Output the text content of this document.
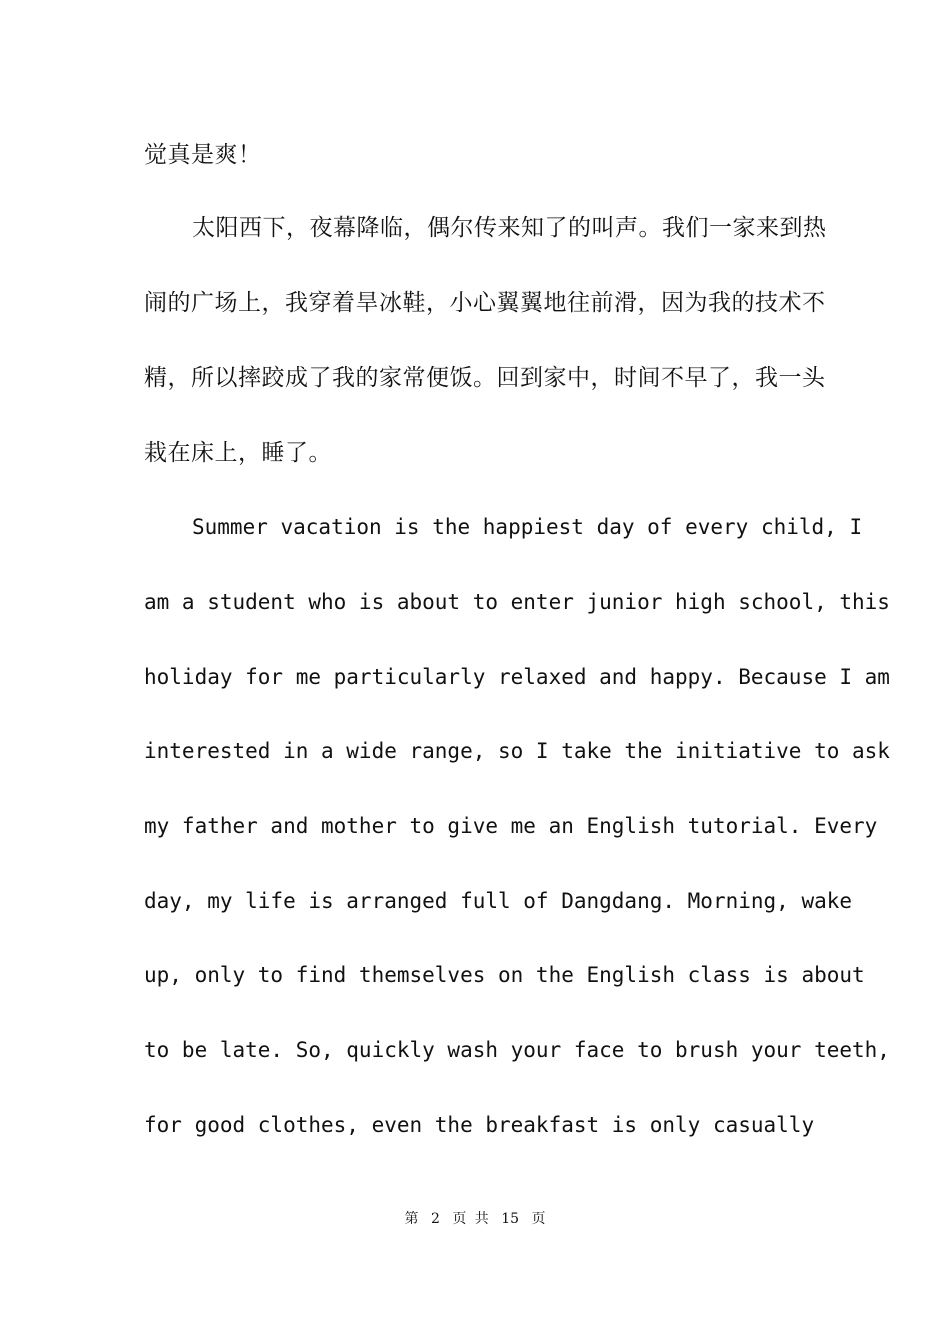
觉真是爽！
太阳西下，夜幕降临，偶尔传来知了的叫声。我们一家来到热
闹的广场上，我穿着旱冰鞋，小心翼翼地往前滑，因为我的技术不
精，所以摔跤成了我的家常便饭。回到家中，时间不早了，我一头
栽在床上，睡了。
Summer vacation is the happiest day of every child, I
am a student who is about to enter junior high school, this
holiday for me particularly relaxed and happy. Because I am
interested in a wide range, so I take the initiative to ask
my father and mother to give me an English tutorial. Every
day, my life is arranged full of Dangdang. Morning, wake
up, only to find themselves on the English class is about
to be late. So, quickly wash your face to brush your teeth,
for good clothes, even the breakfast is only casually
第 2 页 共 15 页
